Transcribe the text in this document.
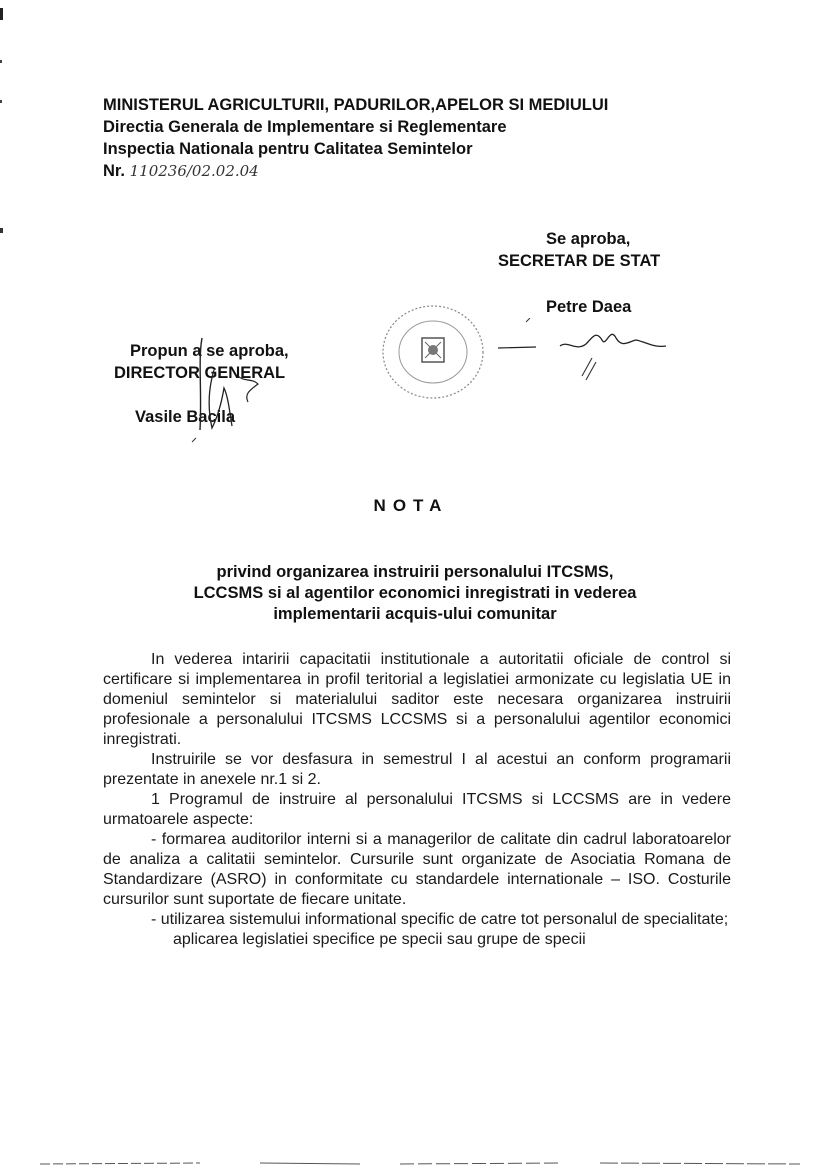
MINISTERUL AGRICULTURII, PADURILOR,APELOR SI MEDIULUI
Directia Generala de Implementare si Reglementare
Inspectia Nationala pentru Calitatea Semintelor
Nr. 110236/02.02.04
Se aproba,
SECRETAR DE STAT
Petre Daea
Propun a se aproba,
DIRECTOR GENERAL
Vasile Bacila
NOTA
privind organizarea instruirii personalului ITCSMS,
LCCSMS si al agentilor economici inregistrati in vederea
implementarii acquis-ului comunitar

In vederea intaririi capacitatii institutionale a autoritatii oficiale de control si certificare si implementarea in profil teritorial a legislatiei armonizate cu legislatia UE in domeniul semintelor si materialului saditor este necesara organizarea instruirii profesionale a personalului ITCSMS LCCSMS si a personalului agentilor economici inregistrati.

Instruirile se vor desfasura in semestrul I al acestui an conform programarii prezentate in anexele nr.1 si 2.

1 Programul de instruire al personalului ITCSMS si LCCSMS are in vedere urmatoarele aspecte:

- formarea auditorilor interni si a managerilor de calitate din cadrul laboratoarelor de analiza a calitatii semintelor. Cursurile sunt organizate de Asociatia Romana de Standardizare (ASRO) in conformitate cu standardele internationale – ISO. Costurile cursurilor sunt suportate de fiecare unitate.

- utilizarea sistemului informational specific de catre tot personalul de specialitate;

aplicarea legislatiei specifice pe specii sau grupe de specii
